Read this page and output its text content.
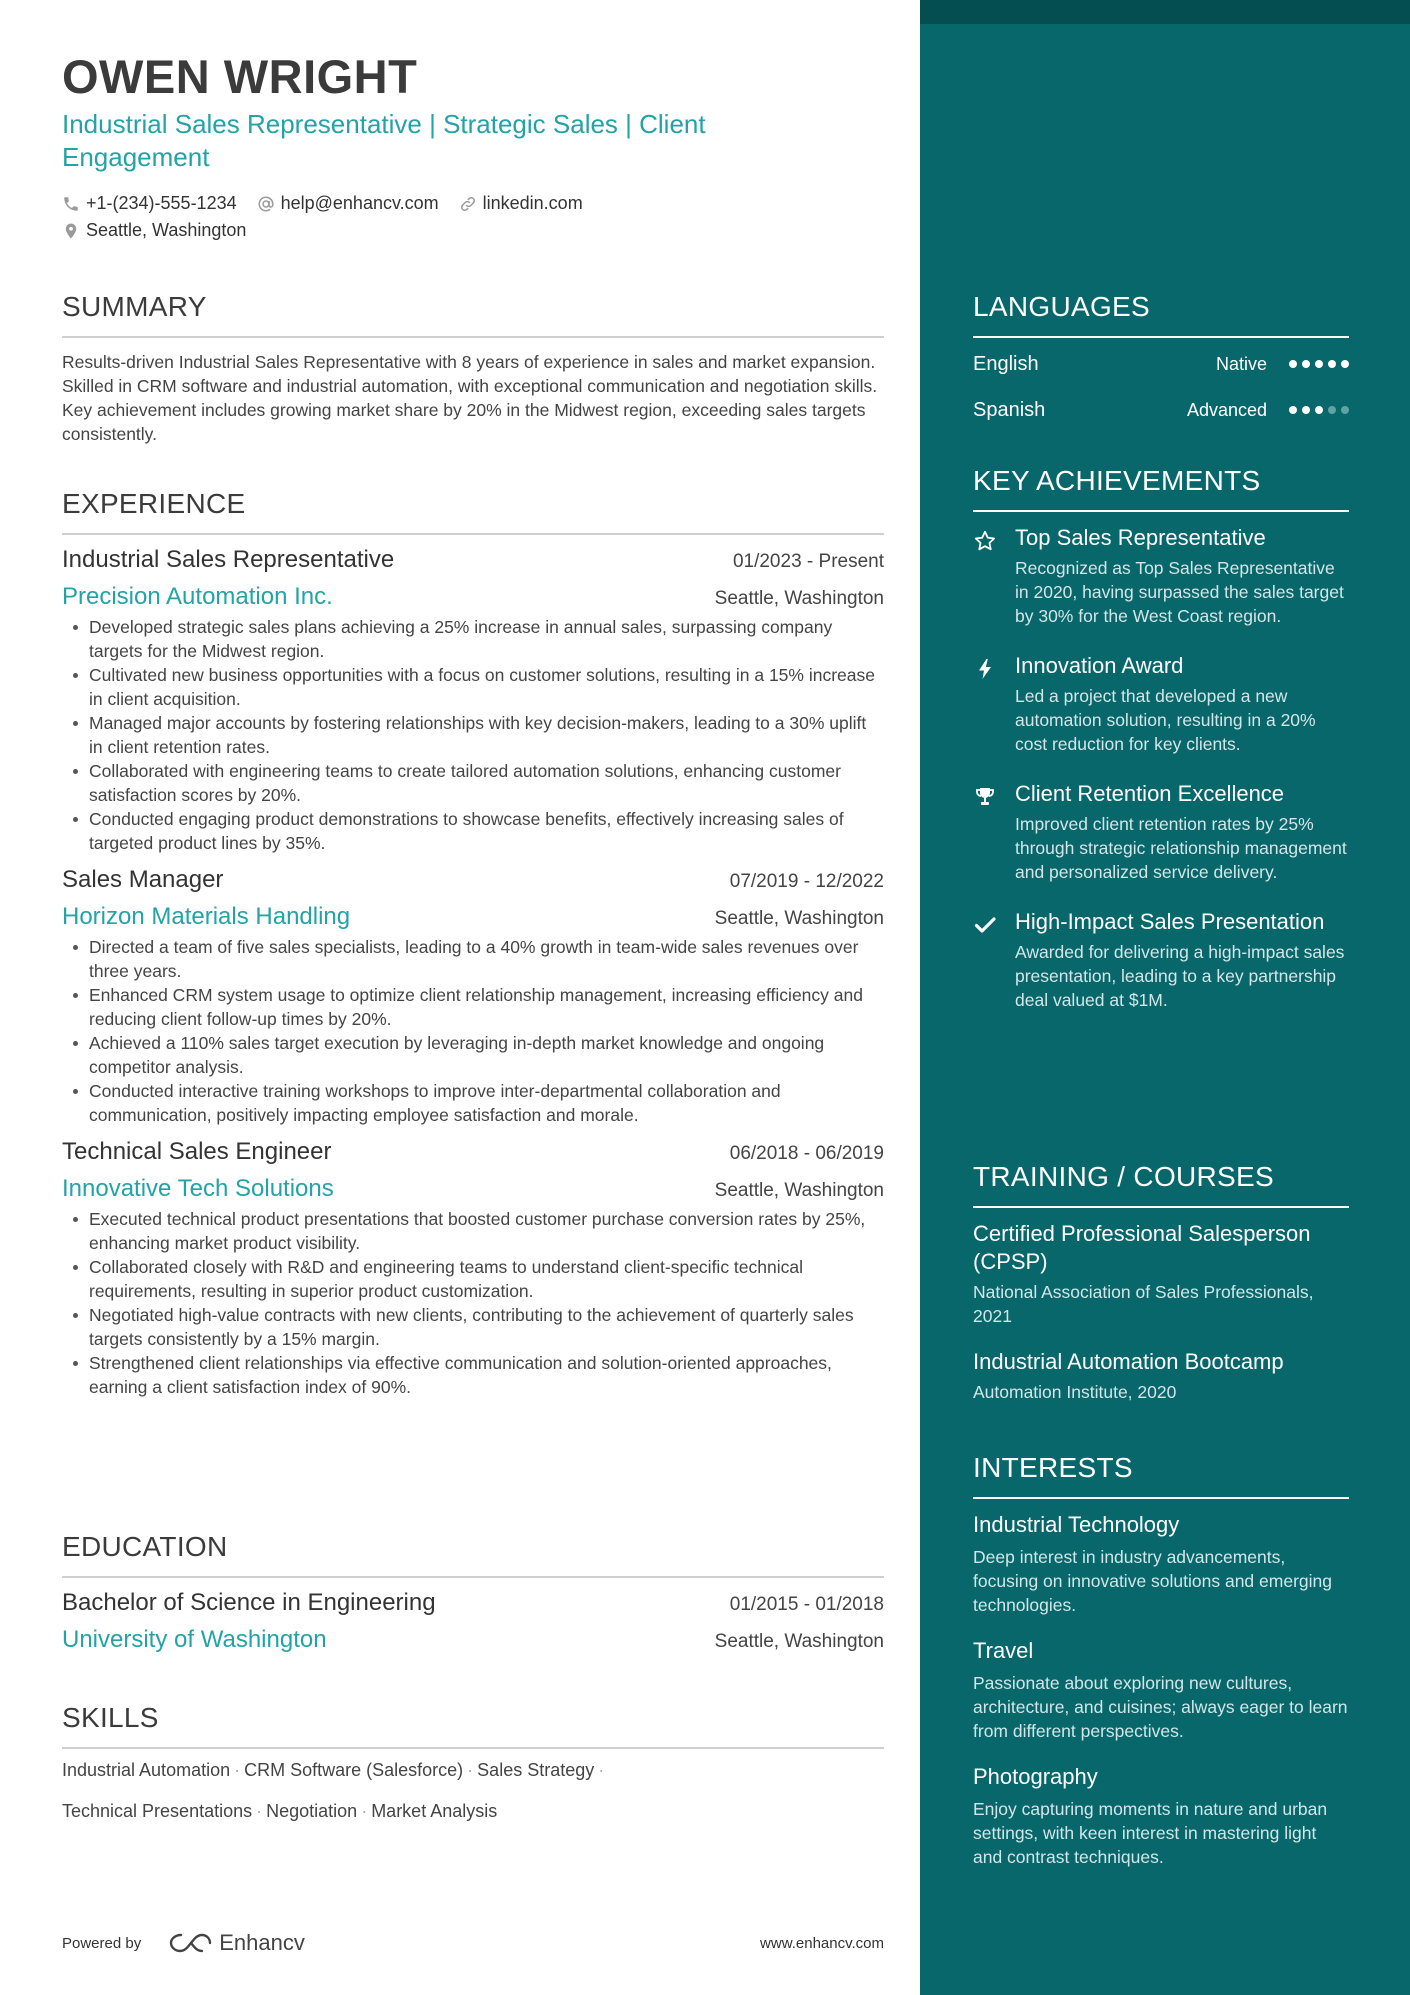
OWEN WRIGHT
Industrial Sales Representative | Strategic Sales | Client Engagement
+1-(234)-555-1234 help@enhancv.com linkedin.com
Seattle, Washington
SUMMARY
Results-driven Industrial Sales Representative with 8 years of experience in sales and market expansion. Skilled in CRM software and industrial automation, with exceptional communication and negotiation skills. Key achievement includes growing market share by 20% in the Midwest region, exceeding sales targets consistently.
EXPERIENCE
Industrial Sales Representative	01/2023 - Present
Precision Automation Inc.	Seattle, Washington
Developed strategic sales plans achieving a 25% increase in annual sales, surpassing company targets for the Midwest region.
Cultivated new business opportunities with a focus on customer solutions, resulting in a 15% increase in client acquisition.
Managed major accounts by fostering relationships with key decision-makers, leading to a 30% uplift in client retention rates.
Collaborated with engineering teams to create tailored automation solutions, enhancing customer satisfaction scores by 20%.
Conducted engaging product demonstrations to showcase benefits, effectively increasing sales of targeted product lines by 35%.
Sales Manager	07/2019 - 12/2022
Horizon Materials Handling	Seattle, Washington
Directed a team of five sales specialists, leading to a 40% growth in team-wide sales revenues over three years.
Enhanced CRM system usage to optimize client relationship management, increasing efficiency and reducing client follow-up times by 20%.
Achieved a 110% sales target execution by leveraging in-depth market knowledge and ongoing competitor analysis.
Conducted interactive training workshops to improve inter-departmental collaboration and communication, positively impacting employee satisfaction and morale.
Technical Sales Engineer	06/2018 - 06/2019
Innovative Tech Solutions	Seattle, Washington
Executed technical product presentations that boosted customer purchase conversion rates by 25%, enhancing market product visibility.
Collaborated closely with R&D and engineering teams to understand client-specific technical requirements, resulting in superior product customization.
Negotiated high-value contracts with new clients, contributing to the achievement of quarterly sales targets consistently by a 15% margin.
Strengthened client relationships via effective communication and solution-oriented approaches, earning a client satisfaction index of 90%.
EDUCATION
Bachelor of Science in Engineering	01/2015 - 01/2018
University of Washington	Seattle, Washington
SKILLS
Industrial Automation · CRM Software (Salesforce) · Sales Strategy ·
Technical Presentations · Negotiation · Market Analysis
Powered by	Enhancv	www.enhancv.com
LANGUAGES
English	Native
Spanish	Advanced
KEY ACHIEVEMENTS
Top Sales Representative
Recognized as Top Sales Representative in 2020, having surpassed the sales target by 30% for the West Coast region.
Innovation Award
Led a project that developed a new automation solution, resulting in a 20% cost reduction for key clients.
Client Retention Excellence
Improved client retention rates by 25% through strategic relationship management and personalized service delivery.
High-Impact Sales Presentation
Awarded for delivering a high-impact sales presentation, leading to a key partnership deal valued at $1M.
TRAINING / COURSES
Certified Professional Salesperson (CPSP)
National Association of Sales Professionals, 2021
Industrial Automation Bootcamp
Automation Institute, 2020
INTERESTS
Industrial Technology
Deep interest in industry advancements, focusing on innovative solutions and emerging technologies.
Travel
Passionate about exploring new cultures, architecture, and cuisines; always eager to learn from different perspectives.
Photography
Enjoy capturing moments in nature and urban settings, with keen interest in mastering light and contrast techniques.
